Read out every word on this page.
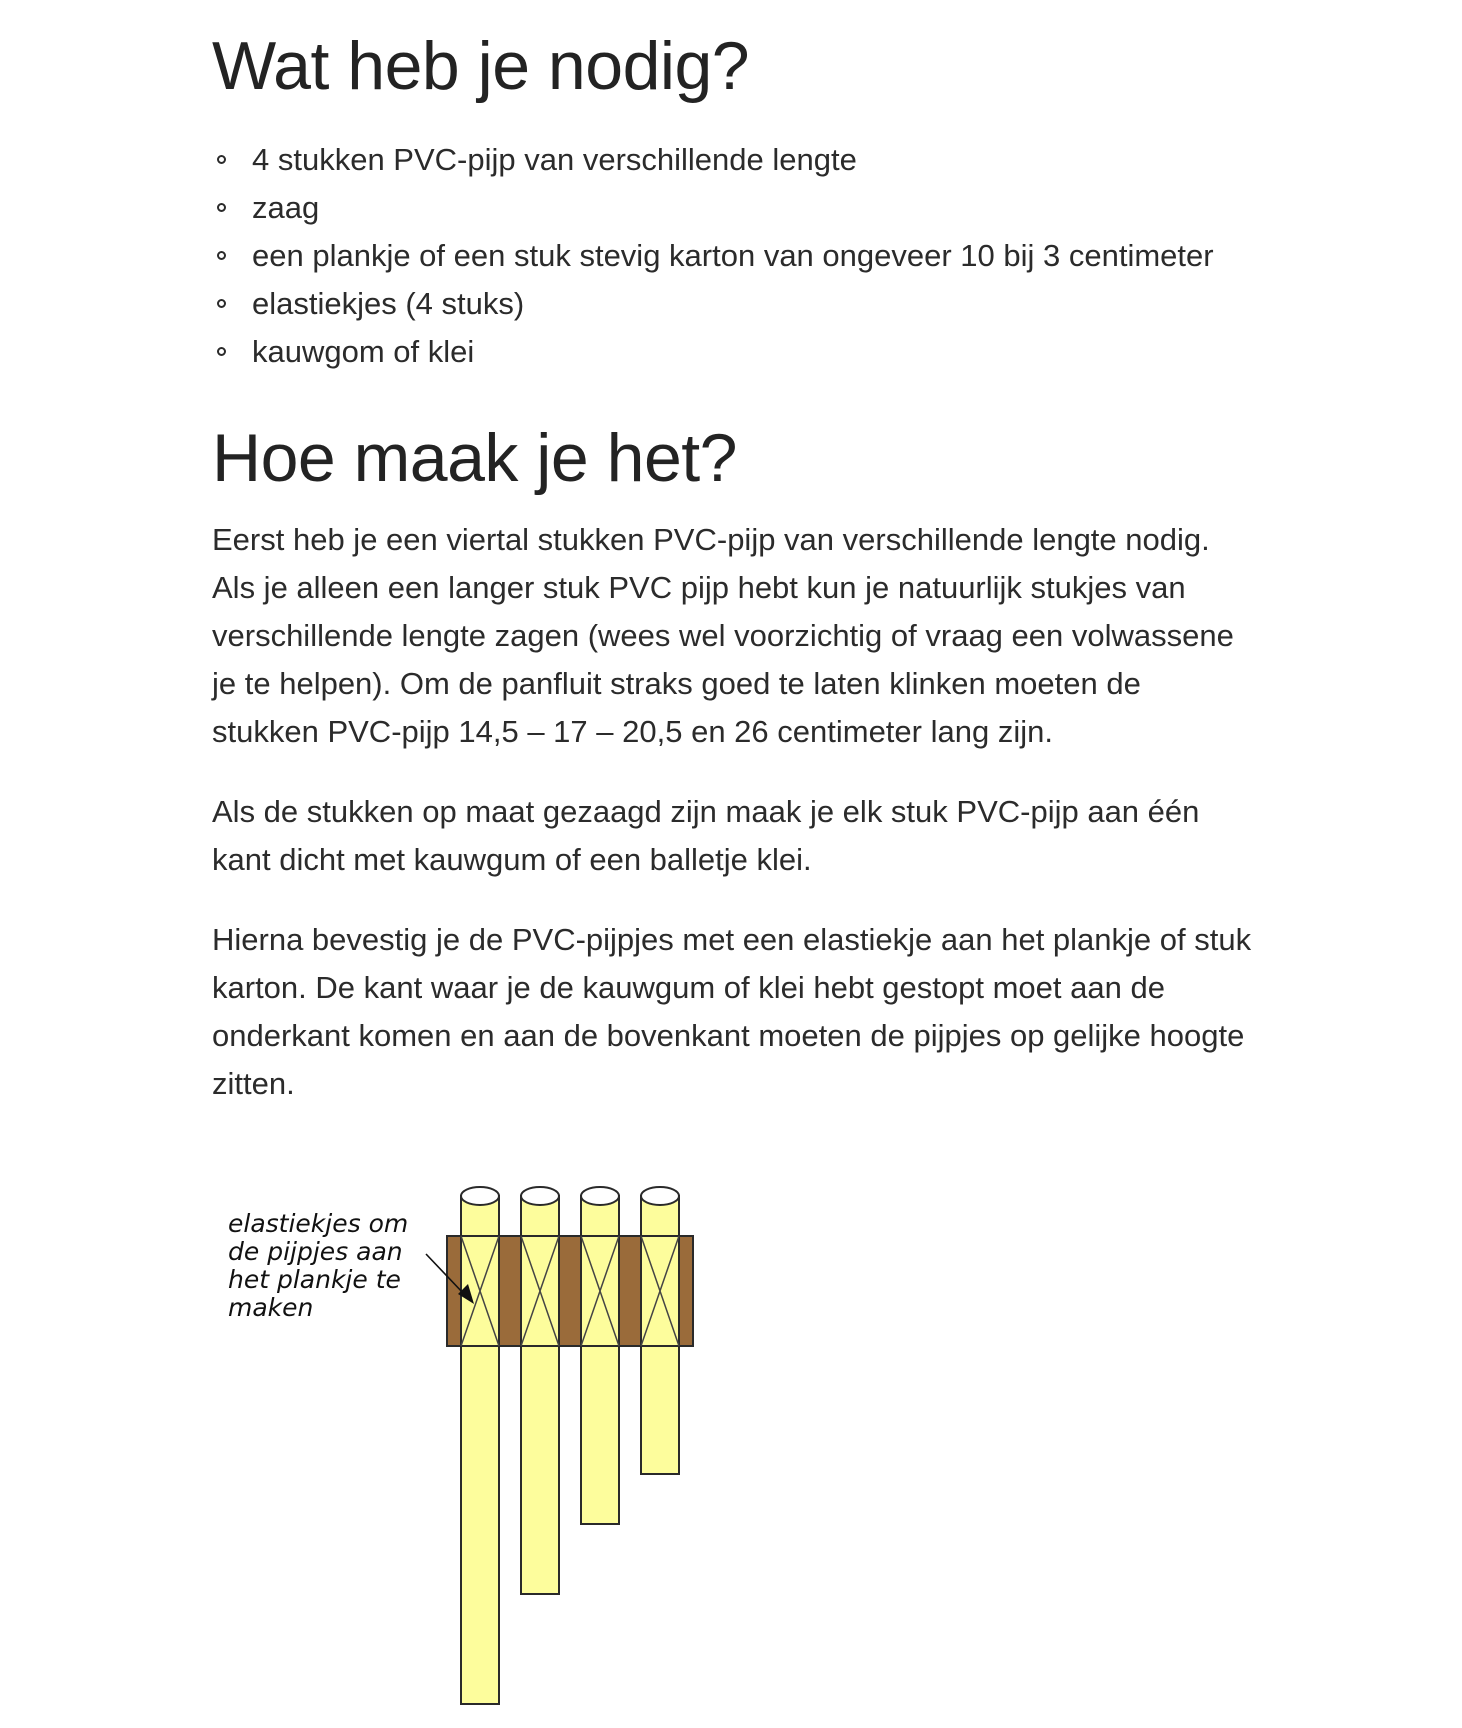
Wat heb je nodig?
4 stukken PVC-pijp van verschillende lengte
zaag
een plankje of een stuk stevig karton van ongeveer 10 bij 3 centimeter
elastiekjes (4 stuks)
kauwgom of klei
Hoe maak je het?

Eerst heb je een viertal stukken PVC-pijp van verschillende lengte nodig. Als je alleen een langer stuk PVC pijp hebt kun je natuurlijk stukjes van verschillende lengte zagen (wees wel voorzichtig of vraag een volwassene je te helpen). Om de panfluit straks goed te laten klinken moeten de stukken PVC-pijp 14,5 – 17 – 20,5 en 26 centimeter lang zijn.

Als de stukken op maat gezaagd zijn maak je elk stuk PVC-pijp aan één kant dicht met kauwgum of een balletje klei.

Hierna bevestig je de PVC-pijpjes met een elastiekje aan het plankje of stuk karton. De kant waar je de kauwgum of klei hebt gestopt moet aan de onderkant komen en aan de bovenkant moeten de pijpjes op gelijke hoogte zitten.

elastiekjes om de pijpjes aan het plankje te maken
